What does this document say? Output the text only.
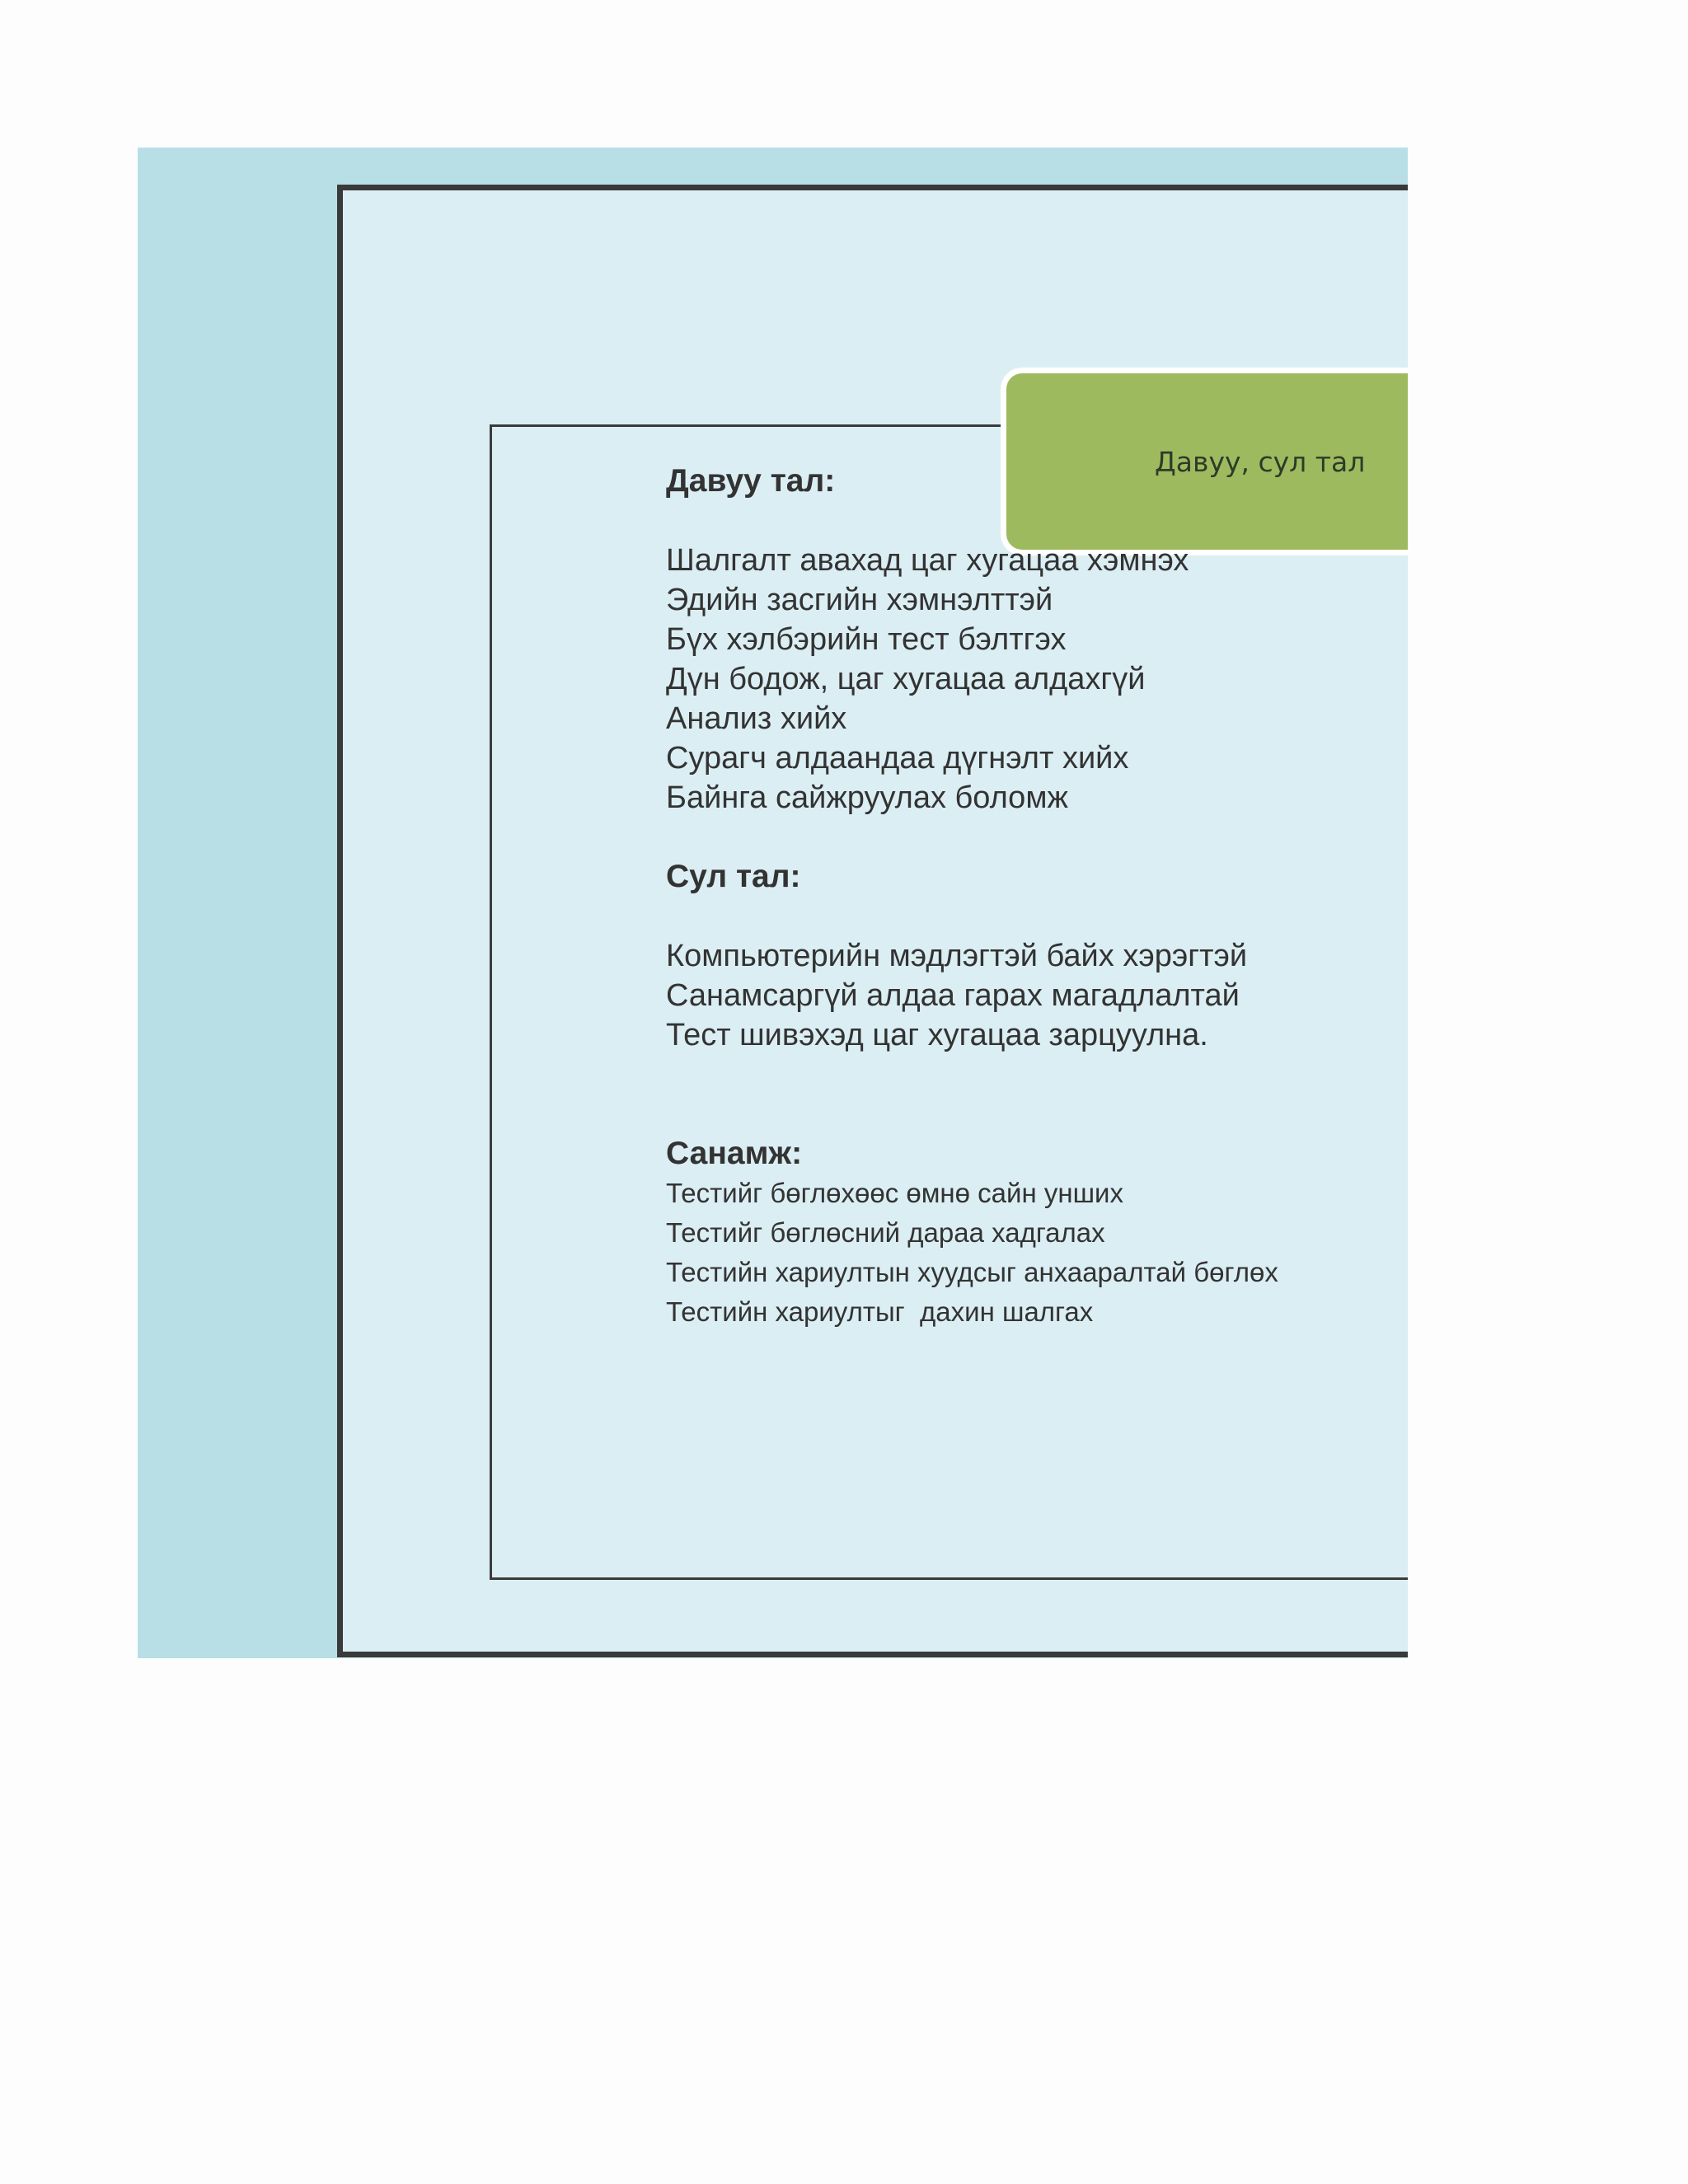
Давуу, сул тал

Давуу тал:

Шалгалт авахад цаг хугацаа хэмнэх
Эдийн засгийн хэмнэлттэй
Бүх хэлбэрийн тест бэлтгэх
Дүн бодож, цаг хугацаа алдахгүй
Анализ хийх
Сурагч алдаандаа дүгнэлт хийх
Байнга сайжруулах боломж

Сул тал:

Компьютерийн мэдлэгтэй байх хэрэгтэй
Санамсаргүй алдаа гарах магадлалтай
Тест шивэхэд цаг хугацаа зарцуулна.

Санамж:

Тестийг бөглөхөөс өмнө сайн унших
Тестийг бөглөсний дараа хадгалах
Тестийн хариултын хуудсыг анхааралтай бөглөх
Тестийн хариултыг  дахин шалгах
